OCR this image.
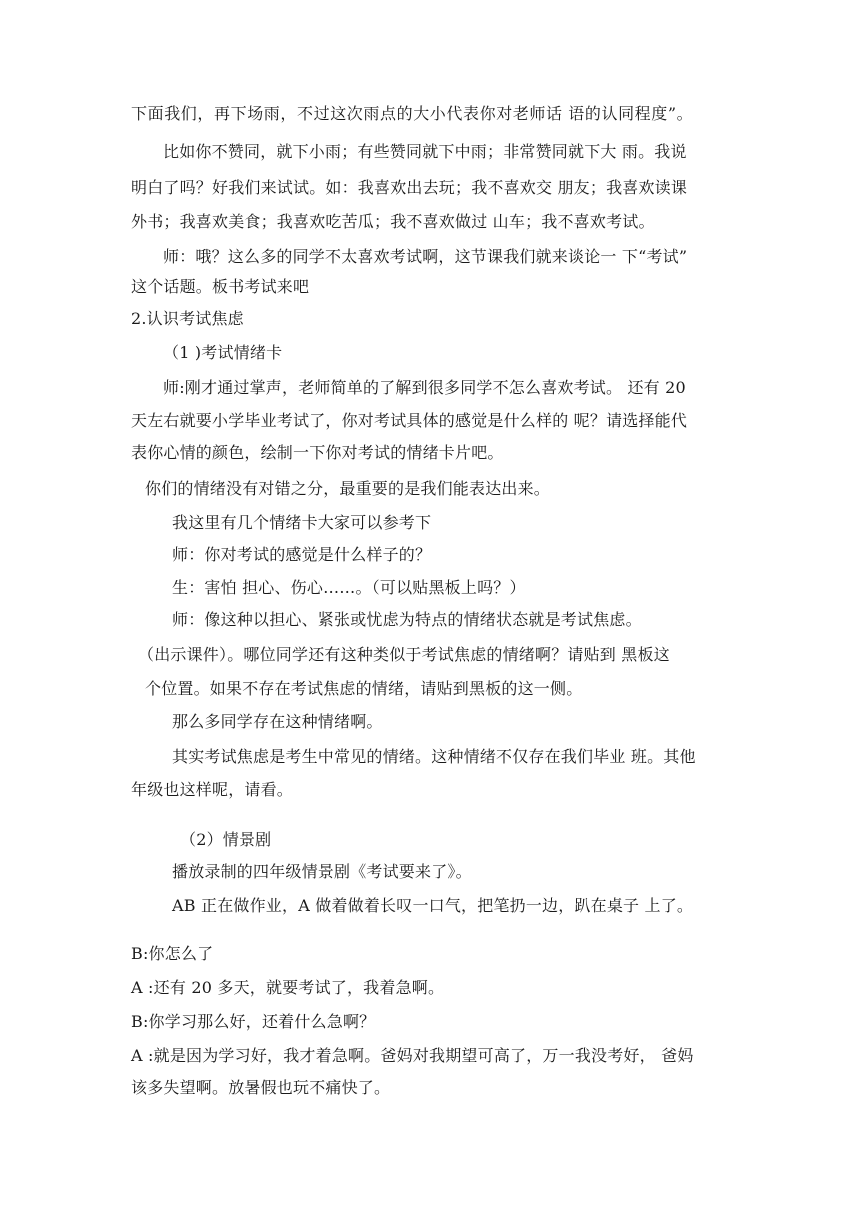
下面我们，再下场雨，不过这次雨点的大小代表你对老师话 语的认同程度”。
比如你不赞同，就下小雨；有些赞同就下中雨；非常赞同就下大 雨。我说
明白了吗？好我们来试试。如：我喜欢出去玩；我不喜欢交 朋友；我喜欢读课
外书；我喜欢美食；我喜欢吃苦瓜；我不喜欢做过 山车；我不喜欢考试。
师：哦？这么多的同学不太喜欢考试啊，这节课我们就来谈论一 下“考试”
这个话题。板书考试来吧
2.认识考试焦虑
（1 )考试情绪卡
师:刚才通过掌声，老师简单的了解到很多同学不怎么喜欢考试。 还有 20
天左右就要小学毕业考试了，你对考试具体的感觉是什么样的 呢？请选择能代
表你心情的颜色，绘制一下你对考试的情绪卡片吧。
你们的情绪没有对错之分，最重要的是我们能表达出来。
我这里有几个情绪卡大家可以参考下
师：你对考试的感觉是什么样子的？
生：害怕 担心、伤心……。（可以贴黑板上吗？）
师：像这种以担心、紧张或忧虑为特点的情绪状态就是考试焦虑。
（出示课件）。哪位同学还有这种类似于考试焦虑的情绪啊？请贴到 黑板这
个位置。如果不存在考试焦虑的情绪，请贴到黑板的这一侧。
那么多同学存在这种情绪啊。
其实考试焦虑是考生中常见的情绪。这种情绪不仅存在我们毕业 班。其他
年级也这样呢，请看。
（2）情景剧
播放录制的四年级情景剧《考试要来了》。
AB 正在做作业，A 做着做着长叹一口气，把笔扔一边，趴在桌子 上了。
B:你怎么了
A :还有 20 多天，就要考试了，我着急啊。
B:你学习那么好，还着什么急啊？
A :就是因为学习好，我才着急啊。爸妈对我期望可高了，万一我没考好， 爸妈
该多失望啊。放暑假也玩不痛快了。
